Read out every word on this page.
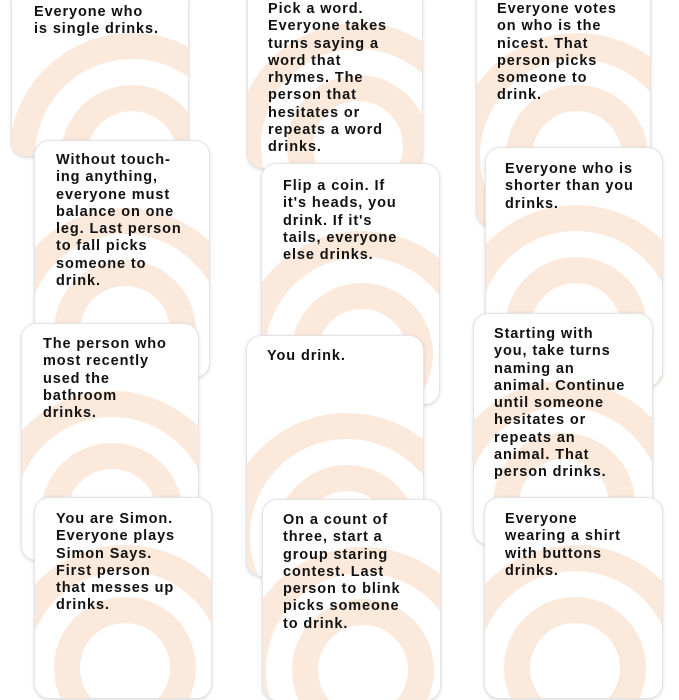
Everyone who
is single drinks.

Pick a word.
Everyone takes
turns saying a
word that
rhymes. The
person that
hesitates or
repeats a word
drinks.

Everyone votes
on who is the
nicest. That
person picks
someone to
drink.

Without touch-
ing anything,
everyone must
balance on one
leg. Last person
to fall picks
someone to
drink.

Flip a coin. If
it's heads, you
drink. If it's
tails, everyone
else drinks.

Everyone who is
shorter than you
drinks.

The person who
most recently
used the
bathroom
drinks.

You drink.

Starting with
you, take turns
naming an
animal. Continue
until someone
hesitates or
repeats an
animal. That
person drinks.

You are Simon.
Everyone plays
Simon Says.
First person
that messes up
drinks.

On a count of
three, start a
group staring
contest. Last
person to blink
picks someone
to drink.

Everyone
wearing a shirt
with buttons
drinks.
